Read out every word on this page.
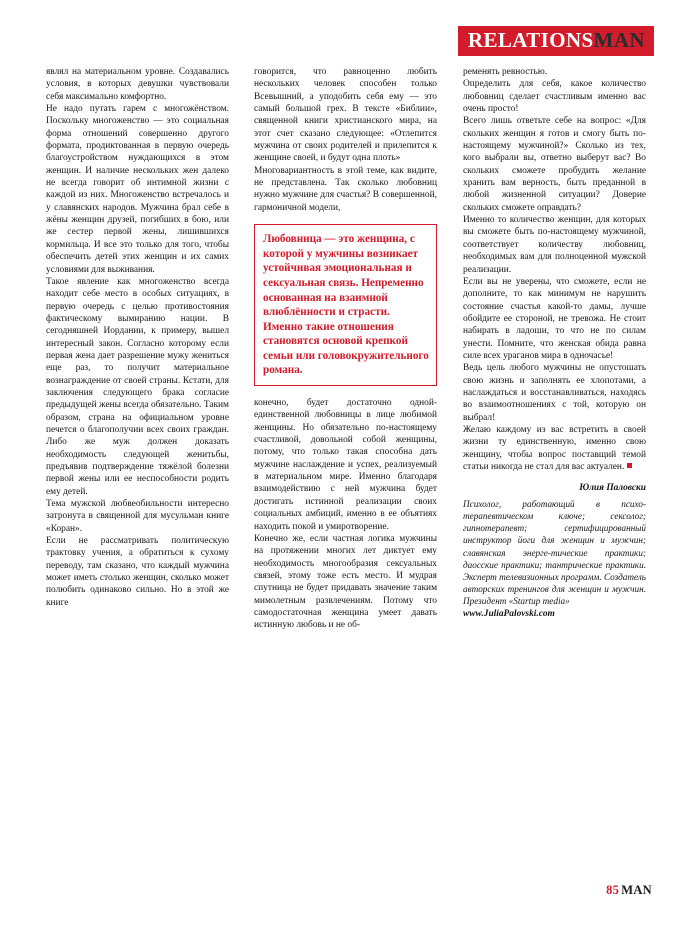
RELATIONS MAN

являл на материальном уровне. Создавались условия, в которых девушки чувствовали себя максимально комфортно.

Не надо путать гарем с многожёнством. Поскольку многоженство — это социальная форма отношений совершенно другого формата, продиктованная в первую очередь благоустройством нуждающихся в этом женщин. И наличие нескольких жен далеко не всегда говорит об интимной жизни с каждой из них. Многоженство встречалось и у славянских народов. Мужчина брал себе в жёны женщин друзей, погибших в бою, или же сестер первой жены, лишившихся кормильца. И все это только для того, чтобы обеспечить детей этих женщин и их самих условиями для выживания.

Такое явление как многоженство всегда находит себе место в особых ситуациях, в первую очередь с целью противостояния фактическому вымиранию нации. В сегодняшней Иордании, к примеру, вышел интересный закон. Согласно которому если первая жена дает разрешение мужу жениться еще раз, то получит материальное вознаграждение от своей страны. Кстати, для заключения следующего брака согласие предыдущей жены всегда обязательно. Таким образом, страна на официальном уровне печется о благополучии всех своих граждан. Либо же муж должен доказать необходимость следующей женитьбы, предъявив подтверждение тяжёлой болезни первой жены или ее неспособности родить ему детей.

Тема мужской любвеобильности интересно затронута в священной для мусульман книге «Коран».

Если не рассматривать политическую трактовку учения, а обратиться к сухому переводу, там сказано, что каждый мужчина может иметь столько женщин, сколько может полюбить одинаково сильно. Но в этой же книге

говорится, что равноценно любить нескольких человек способен только Всевышний, а уподобить себя ему — это самый большой грех. В тексте «Библии», священной книги христианского мира, на этот счет сказано следующее: «Отлепится мужчина от своих родителей и прилепится к женщине своей, и будут одна плоть»

Многовариантность в этой теме, как видите, не представлена. Так сколько любовниц нужно мужчине для счастья? В совершенной, гармоничной модели,

Любовница — это женщина, с которой у мужчины возникает устойчивая эмоциональная и сексуальная связь. Непременно основанная на взаимной влюблённости и страсти. Именно такие отношения становятся основой крепкой семьи или головокружительного романа.

конечно, будет достаточно одной-единственной любовницы в лице любимой женщины. Но обязательно по-настоящему счастливой, довольной собой женщины, потому, что только такая способна дать мужчине наслаждение и успех, реализуемый в материальном мире. Именно благодаря взаимодействию с ней мужчина будет достигать истинной реализации своих социальных амбиций, именно в ее объятиях находить покой и умиротворение.

Конечно же, если частная логика мужчины на протяжении многих лет диктует ему необходимость многообразия сексуальных связей, этому тоже есть место. И мудрая спутница не будет придавать значение таким мимолетным развлечениям. Потому что самодостаточная женщина умеет давать истинную любовь и не об-

ременять ревностью.

Определить для себя, какое количество любовниц сделает счастливым именно вас очень просто!

Всего лишь ответьте себе на вопрос: «Для скольких женщин я готов и смогу быть по-настоящему мужчиной?» Сколько из тех, кого выбрали вы, ответно выберут вас? Во скольких сможете пробудить желание хранить вам верность, быть преданной в любой жизненной ситуации? Доверие скольких сможете оправдать?

Именно то количество женщин, для которых вы сможете быть по-настоящему мужчиной, соответствует количеству любовниц, необходимых вам для полноценной мужской реализации.

Если вы не уверены, что сможете, если не дополните, то как минимум не нарушить состояние счастья какой-то дамы, лучше обойдите ее стороной, не тревожа. Не стоит набирать в ладоши, то что не по силам унести. Помните, что женская обида равна силе всех ураганов мира в одночасье!

Ведь цель любого мужчины не опустошать свою жизнь и заполнять ее хлопотами, а наслаждаться и восстанавливаться, находясь во взаимоотношениях с той, которую он выбрал!

Желаю каждому из вас встретить в своей жизни ту единственную, именно свою женщину, чтобы вопрос поставщий темой статьи никогда не стал для вас актуален.

Юлия Паловски
Психолог, работающий в психо-терапевтическом ключе; сексолог; гипнотерапевт; сертифицированный инструктор йоги для женщин и мужчин; славянская энерге-тические практики; даосские практики; тантрические практики. Эксперт телевизионных программ. Создатель авторских тренингов для женщин и мужчин. Президент «Startup media»
www.JuliaPalovski.com
85 MAN
